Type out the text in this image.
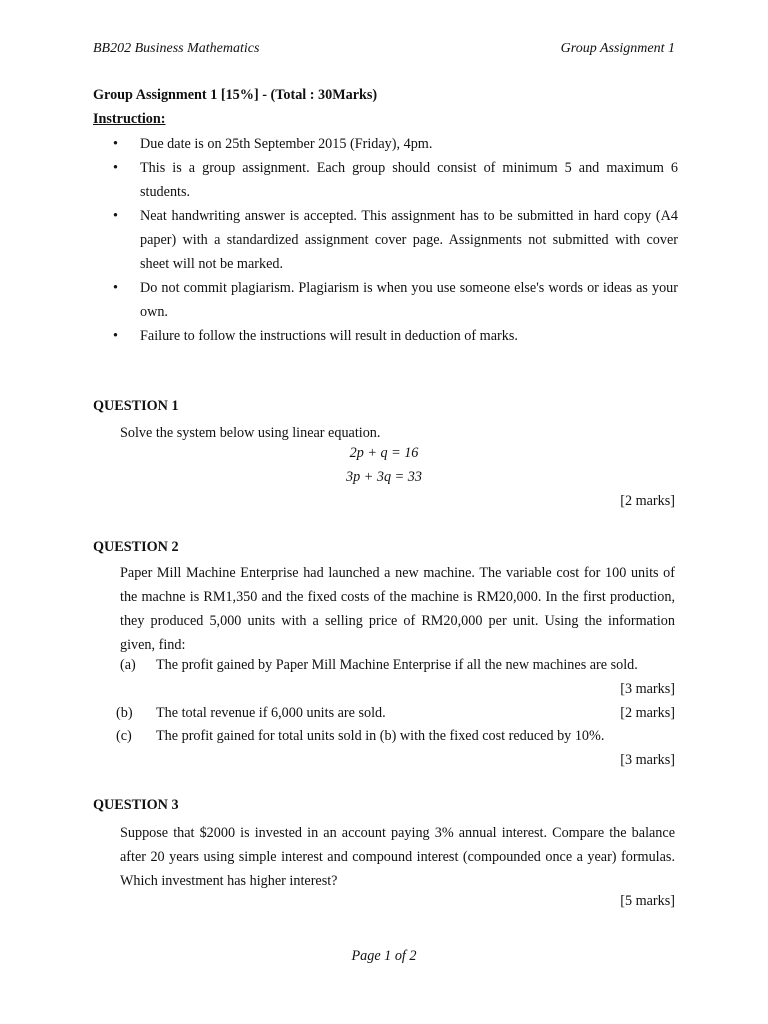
BB202 Business Mathematics	Group Assignment 1
Group Assignment 1 [15%] - (Total : 30Marks)
Instruction:
• Due date is on 25th September 2015 (Friday), 4pm.
• This is a group assignment. Each group should consist of minimum 5 and maximum 6 students.
• Neat handwriting answer is accepted. This assignment has to be submitted in hard copy (A4 paper) with a standardized assignment cover page. Assignments not submitted with cover sheet will not be marked.
• Do not commit plagiarism. Plagiarism is when you use someone else's words or ideas as your own.
• Failure to follow the instructions will result in deduction of marks.
QUESTION 1
Solve the system below using linear equation.
2p + q = 16
3p + 3q = 33
[2 marks]
QUESTION 2
Paper Mill Machine Enterprise had launched a new machine. The variable cost for 100 units of the machne is RM1,350 and the fixed costs of the machine is RM20,000. In the first production, they produced 5,000 units with a selling price of RM20,000 per unit. Using the information given, find:
(a) The profit gained by Paper Mill Machine Enterprise if all the new machines are sold.
[3 marks]
(b) The total revenue if 6,000 units are sold.	[2 marks]
(c) The profit gained for total units sold in (b) with the fixed cost reduced by 10%.
[3 marks]
QUESTION 3
Suppose that $2000 is invested in an account paying 3% annual interest. Compare the balance after 20 years using simple interest and compound interest (compounded once a year) formulas. Which investment has higher interest?
[5 marks]
Page 1 of 2
